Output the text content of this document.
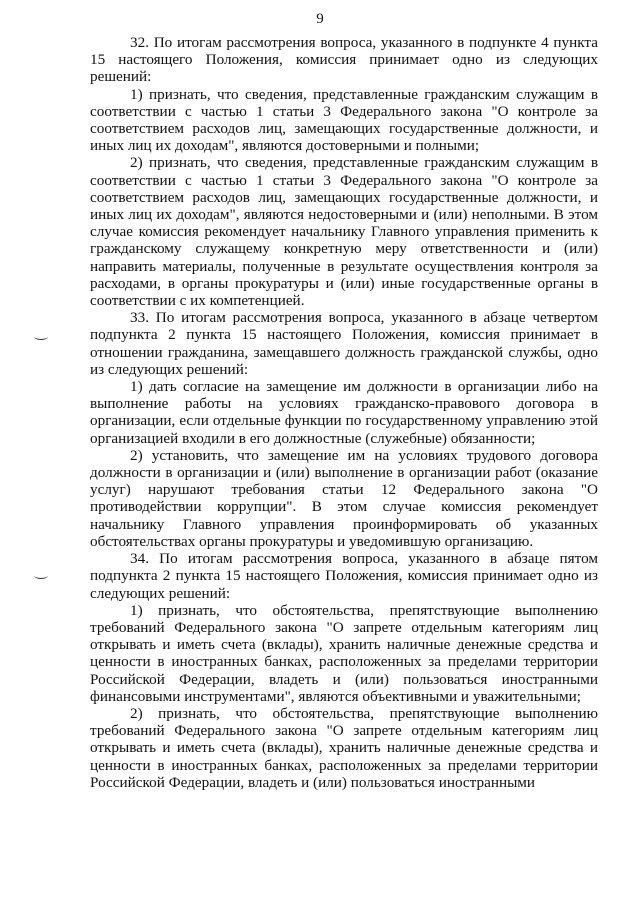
9

32. По итогам рассмотрения вопроса, указанного в подпункте 4 пункта 15 настоящего Положения, комиссия принимает одно из следующих решений:

1) признать, что сведения, представленные гражданским служащим в соответствии с частью 1 статьи 3 Федерального закона "О контроле за соответствием расходов лиц, замещающих государственные должности, и иных лиц их доходам", являются достоверными и полными;

2) признать, что сведения, представленные гражданским служащим в соответствии с частью 1 статьи 3 Федерального закона "О контроле за соответствием расходов лиц, замещающих государственные должности, и иных лиц их доходам", являются недостоверными и (или) неполными. В этом случае комиссия рекомендует начальнику Главного управления применить к гражданскому служащему конкретную меру ответственности и (или) направить материалы, полученные в результате осуществления контроля за расходами, в органы прокуратуры и (или) иные государственные органы в соответствии с их компетенцией.

33. По итогам рассмотрения вопроса, указанного в абзаце четвертом подпункта 2 пункта 15 настоящего Положения, комиссия принимает в отношении гражданина, замещавшего должность гражданской службы, одно из следующих решений:

1) дать согласие на замещение им должности в организации либо на выполнение работы на условиях гражданско-правового договора в организации, если отдельные функции по государственному управлению этой организацией входили в его должностные (служебные) обязанности;

2) установить, что замещение им на условиях трудового договора должности в организации и (или) выполнение в организации работ (оказание услуг) нарушают требования статьи 12 Федерального закона "О противодействии коррупции". В этом случае комиссия рекомендует начальнику Главного управления проинформировать об указанных обстоятельствах органы прокуратуры и уведомившую организацию.

34. По итогам рассмотрения вопроса, указанного в абзаце пятом подпункта 2 пункта 15 настоящего Положения, комиссия принимает одно из следующих решений:

1) признать, что обстоятельства, препятствующие выполнению требований Федерального закона "О запрете отдельным категориям лиц открывать и иметь счета (вклады), хранить наличные денежные средства и ценности в иностранных банках, расположенных за пределами территории Российской Федерации, владеть и (или) пользоваться иностранными финансовыми инструментами", являются объективными и уважительными;

2) признать, что обстоятельства, препятствующие выполнению требований Федерального закона "О запрете отдельным категориям лиц открывать и иметь счета (вклады), хранить наличные денежные средства и ценности в иностранных банках, расположенных за пределами территории Российской Федерации, владеть и (или) пользоваться иностранными
